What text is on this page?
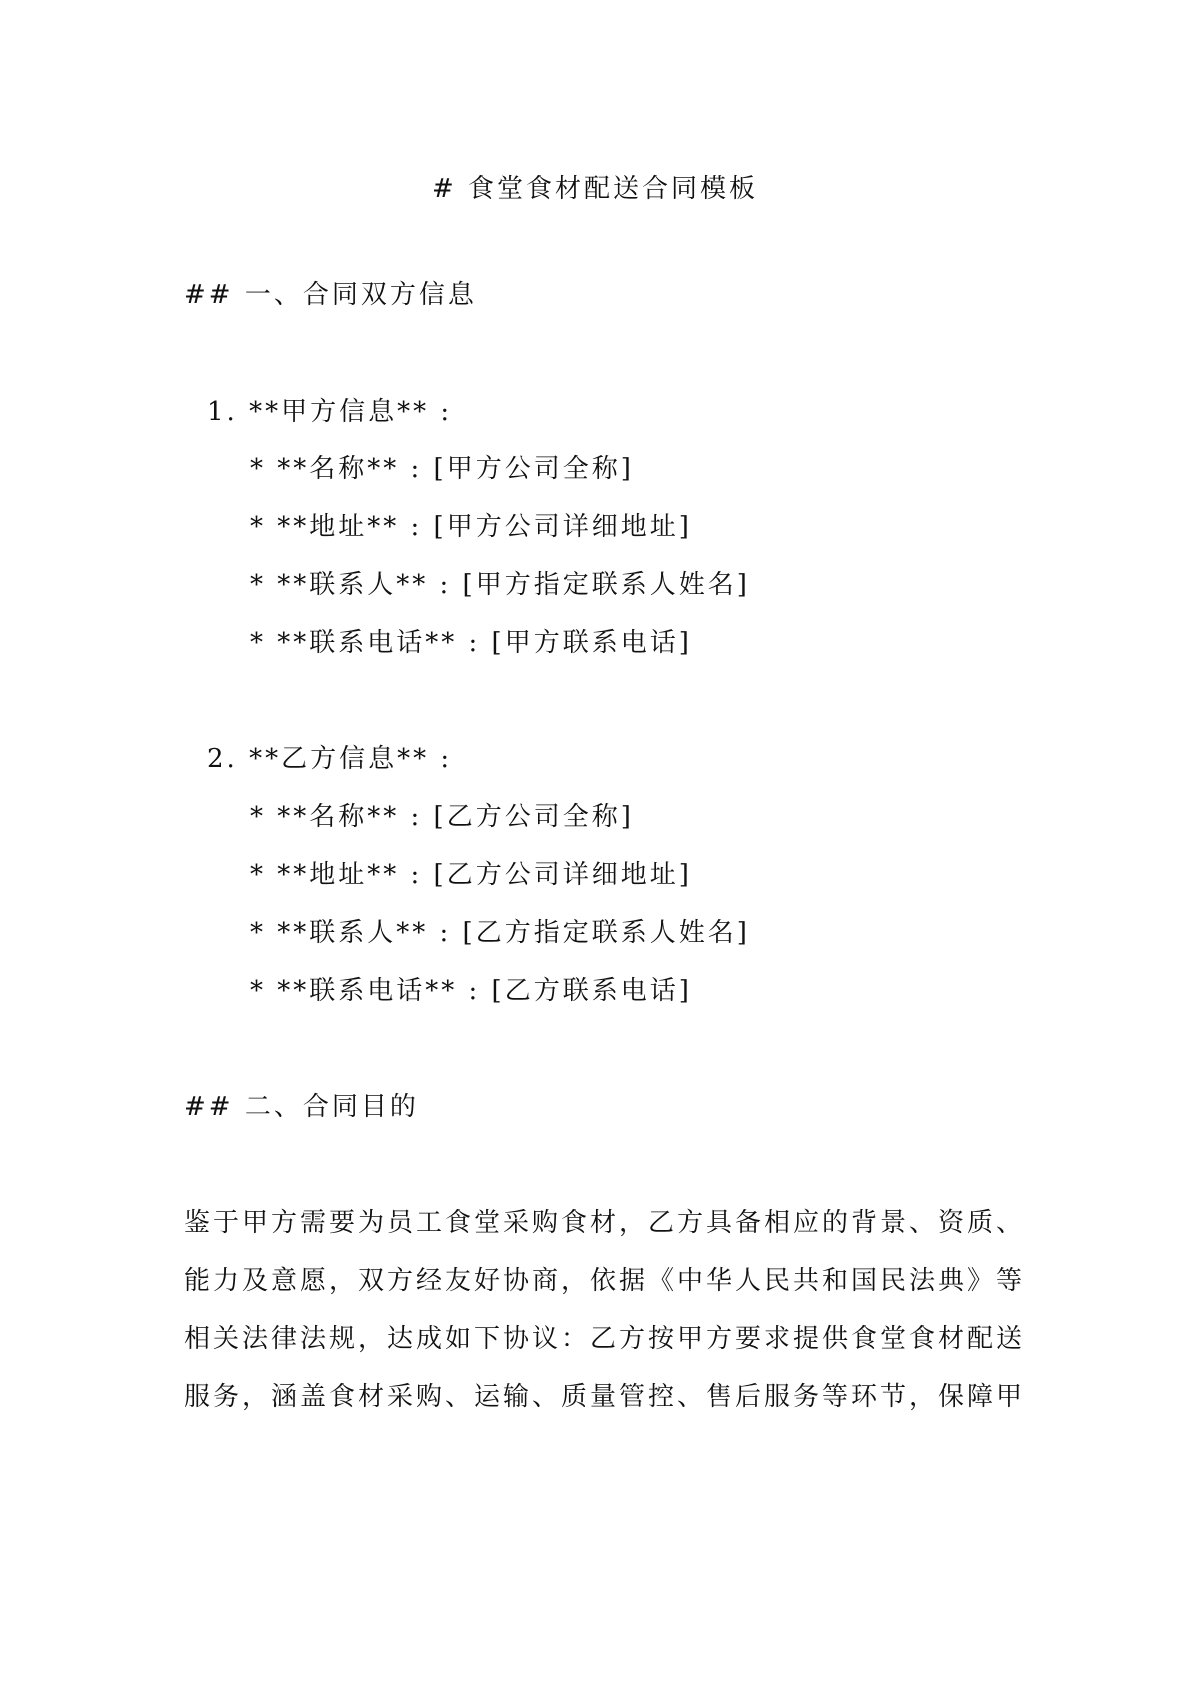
# 食堂食材配送合同模板
## 一、合同双方信息
1. **甲方信息** :
* **名称** : [甲方公司全称]
* **地址** : [甲方公司详细地址]
* **联系人** : [甲方指定联系人姓名]
* **联系电话** : [甲方联系电话]
2. **乙方信息** :
* **名称** : [乙方公司全称]
* **地址** : [乙方公司详细地址]
* **联系人** : [乙方指定联系人姓名]
* **联系电话** : [乙方联系电话]
## 二、合同目的
鉴于甲方需要为员工食堂采购食材，乙方具备相应的背景、资质、
能力及意愿，双方经友好协商，依据《中华人民共和国民法典》等
相关法律法规，达成如下协议：乙方按甲方要求提供食堂食材配送
服务，涵盖食材采购、运输、质量管控、售后服务等环节，保障甲
